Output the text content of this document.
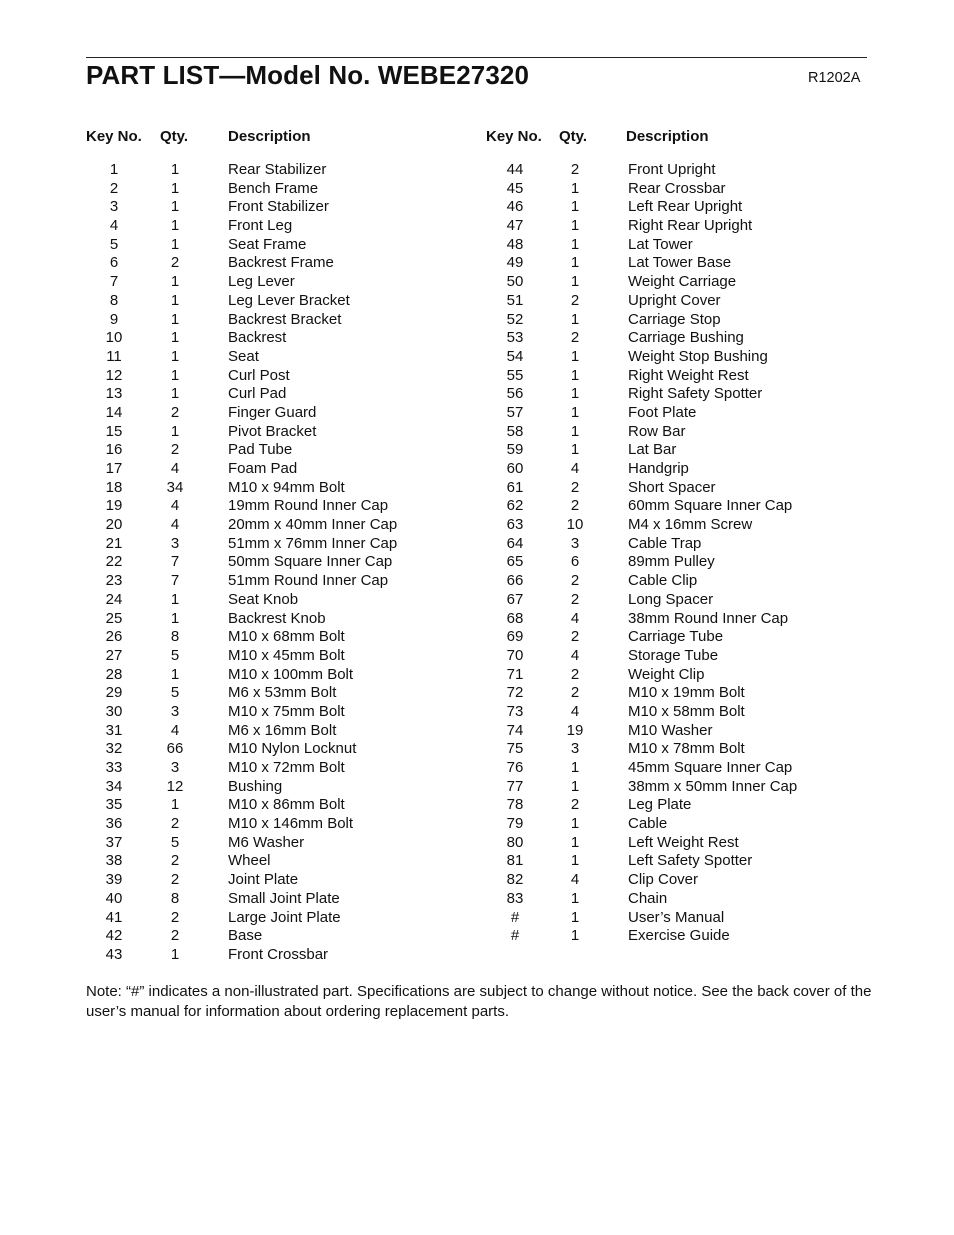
PART LIST—Model No. WEBE27320	R1202A
Key No. Qty.	Description	Key No. Qty.	Description
1	1	Rear Stabilizer
2	1	Bench Frame
3	1	Front Stabilizer
4	1	Front Leg
5	1	Seat Frame
6	2	Backrest Frame
7	1	Leg Lever
8	1	Leg Lever Bracket
9	1	Backrest Bracket
10	1	Backrest
11	1	Seat
12	1	Curl Post
13	1	Curl Pad
14	2	Finger Guard
15	1	Pivot Bracket
16	2	Pad Tube
17	4	Foam Pad
18	34	M10 x 94mm Bolt
19	4	19mm Round Inner Cap
20	4	20mm x 40mm Inner Cap
21	3	51mm x 76mm Inner Cap
22	7	50mm Square Inner Cap
23	7	51mm Round Inner Cap
24	1	Seat Knob
25	1	Backrest Knob
26	8	M10 x 68mm Bolt
27	5	M10 x 45mm Bolt
28	1	M10 x 100mm Bolt
29	5	M6 x 53mm Bolt
30	3	M10 x 75mm Bolt
31	4	M6 x 16mm Bolt
32	66	M10 Nylon Locknut
33	3	M10 x 72mm Bolt
34	12	Bushing
35	1	M10 x 86mm Bolt
36	2	M10 x 146mm Bolt
37	5	M6 Washer
38	2	Wheel
39	2	Joint Plate
40	8	Small Joint Plate
41	2	Large Joint Plate
42	2	Base
43	1	Front Crossbar
44	2	Front Upright
45	1	Rear Crossbar
46	1	Left Rear Upright
47	1	Right Rear Upright
48	1	Lat Tower
49	1	Lat Tower Base
50	1	Weight Carriage
51	2	Upright Cover
52	1	Carriage Stop
53	2	Carriage Bushing
54	1	Weight Stop Bushing
55	1	Right Weight Rest
56	1	Right Safety Spotter
57	1	Foot Plate
58	1	Row Bar
59	1	Lat Bar
60	4	Handgrip
61	2	Short Spacer
62	2	60mm Square Inner Cap
63	10	M4 x 16mm Screw
64	3	Cable Trap
65	6	89mm Pulley
66	2	Cable Clip
67	2	Long Spacer
68	4	38mm Round Inner Cap
69	2	Carriage Tube
70	4	Storage Tube
71	2	Weight Clip
72	2	M10 x 19mm Bolt
73	4	M10 x 58mm Bolt
74	19	M10 Washer
75	3	M10 x 78mm Bolt
76	1	45mm Square Inner Cap
77	1	38mm x 50mm Inner Cap
78	2	Leg Plate
79	1	Cable
80	1	Left Weight Rest
81	1	Left Safety Spotter
82	4	Clip Cover
83	1	Chain
#	1	User’s Manual
#	1	Exercise Guide
Note: “#” indicates a non-illustrated part. Specifications are subject to change without notice. See the back cover of the user’s manual for information about ordering replacement parts.
